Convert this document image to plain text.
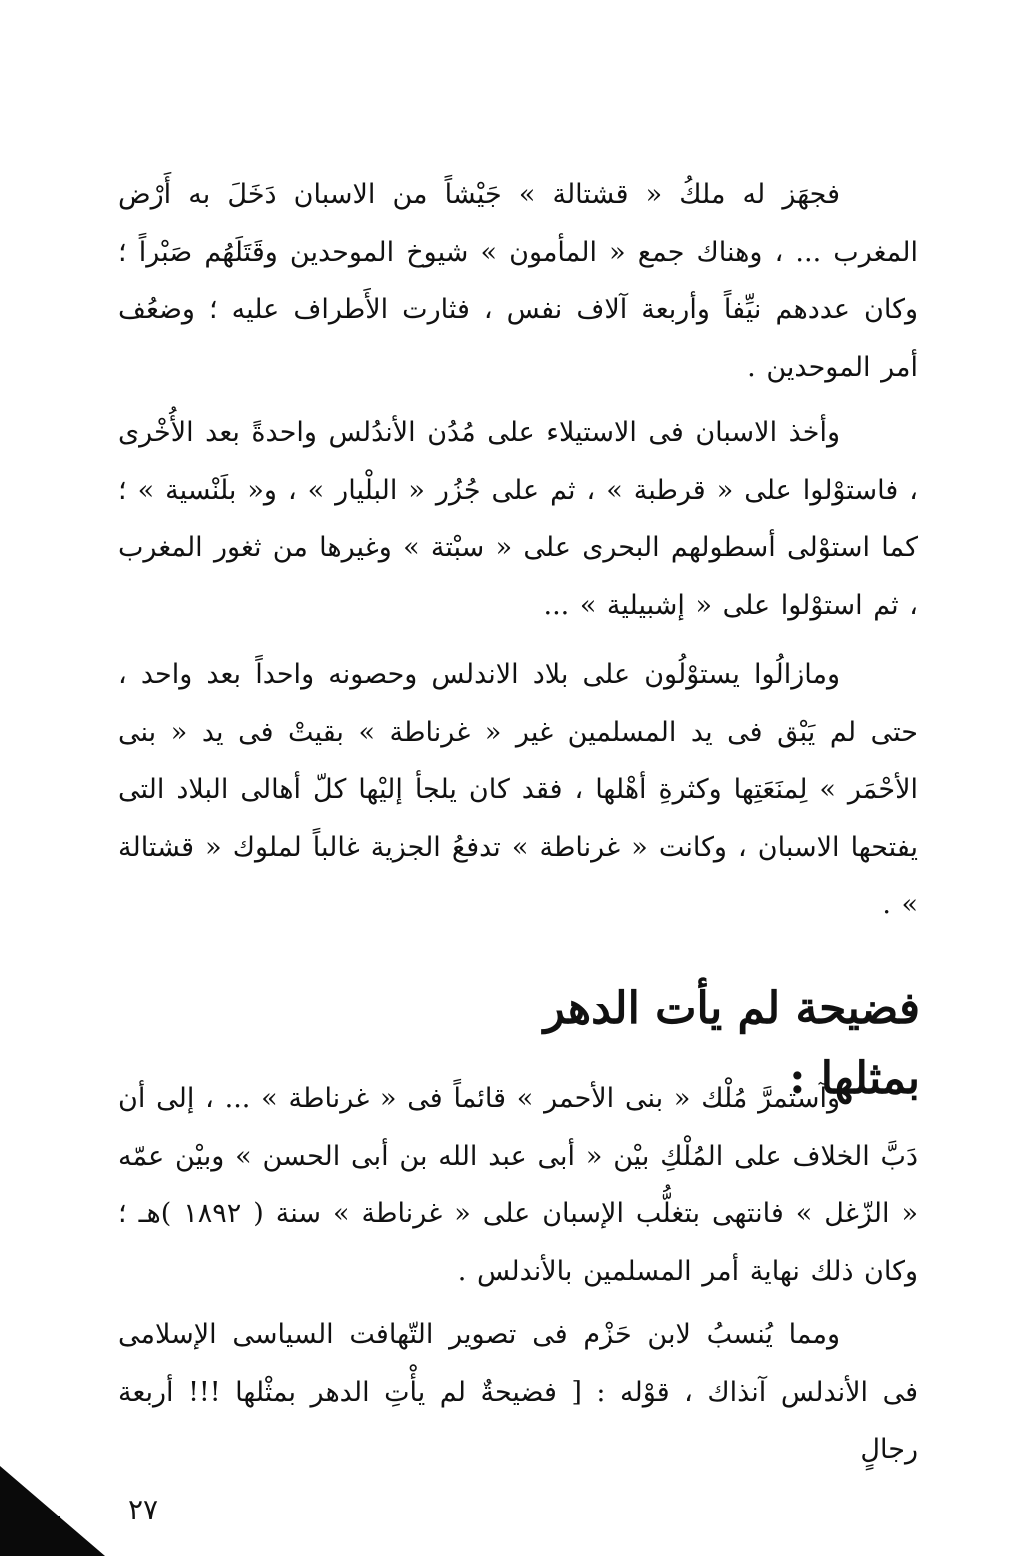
فجهَز له ملكُ « قشتالة » جَيْشاً من الاسبان دَخَلَ به أَرْض المغرب ... ، وهناك جمع « المأمون » شيوخ الموحدين وقَتَلَهُم صَبْراً ؛ وكان عددهم نيِّفاً وأربعة آلاف نفس ، فثارت الأَطراف عليه ؛ وضعُف أمر الموحدين .

وأخذ الاسبان فى الاستيلاء على مُدُن الأندُلس واحدةً بعد الأُخْرى ، فاستوْلوا على « قرطبة » ، ثم على جُزُر « البلْيار » ، و« بلَنْسية » ؛ كما استوْلى أسطولهم البحرى على « سبْتة » وغيرها من ثغور المغرب ، ثم استوْلوا على « إشبيلية » ...

ومازالُوا يستوْلُون على بلاد الاندلس وحصونه واحداً بعد واحد ، حتى لم يَبْق فى يد المسلمين غير « غرناطة » بقيتْ فى يد « بنى الأحْمَر » لِمنَعَتِها وكثرةِ أهْلها ، فقد كان يلجأ إليْها كلّ أهالى البلاد التى يفتحها الاسبان ، وكانت « غرناطة » تدفعُ الجزية غالباً لملوك « قشتالة » .

فضيحة لم يأت الدهر بمثلها :

وآستمرَّ مُلْك « بنى الأحمر » قائماً فى « غرناطة » ... ، إلى أن دَبَّ الخلاف على المُلْكِ بيْن « أبى عبد الله بن أبى الحسن » وبيْن عمّه « الزّغل » فانتهى بتغلُّب الإسبان على « غرناطة » سنة ( ١٨٩٢ )هـ ؛ وكان ذلك نهاية أمر المسلمين بالأندلس .

ومما يُنسبُ لابن حَزْم فى تصوير التّهافت السياسى الإسلامى فى الأندلس آنذاك ، قوْله : [ فضيحةٌ لم يأْتِ الدهر بمثْلها !!! أربعة رجالٍ

٢٧
